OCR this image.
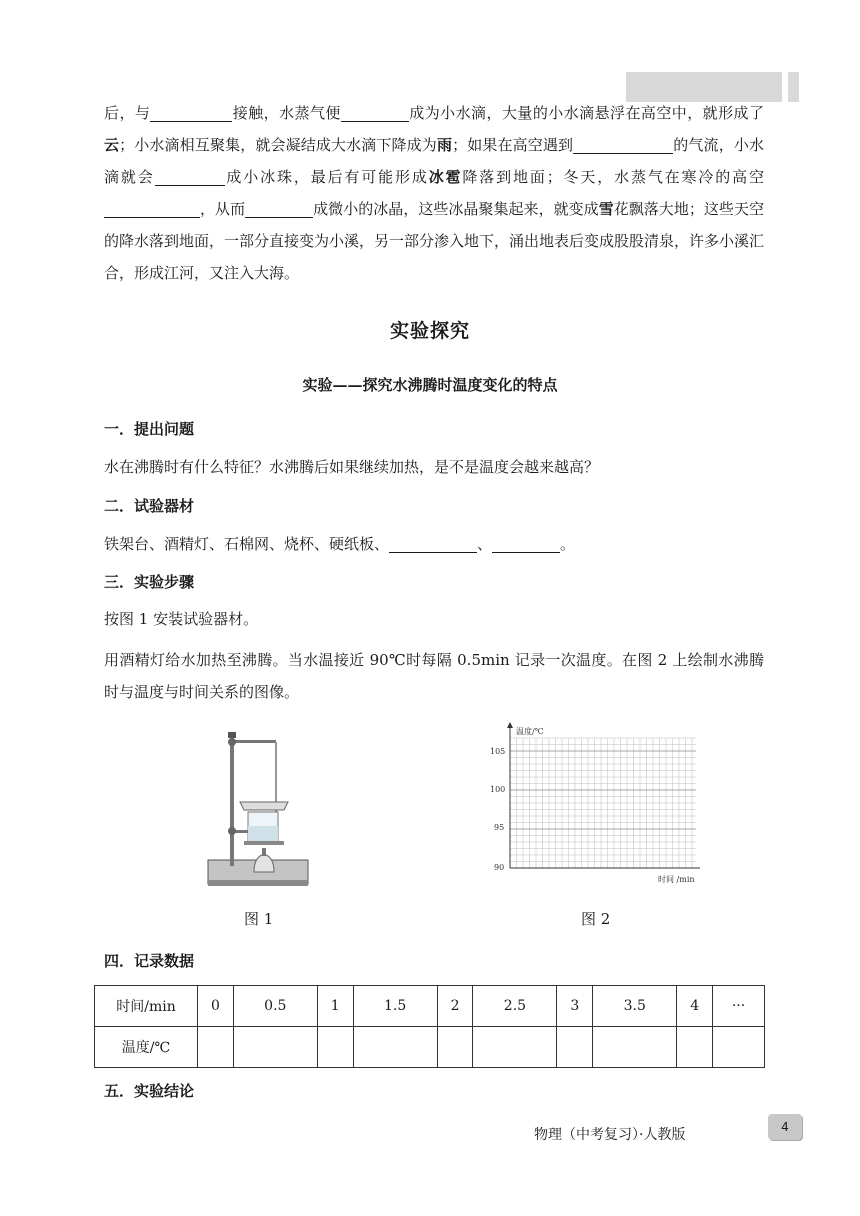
后，与	接触，水蒸气便	成为小水滴，大量的小水滴悬浮在高空中，就形成了云；小水滴相互聚集，就会凝结成大水滴下降成为雨；如果在高空遇到	的气流，小水滴就会	成小冰珠，最后有可能形成冰雹降落到地面；冬天，水蒸气在寒冷的高空，从而	成微小的冰晶，这些冰晶聚集起来，就变成雪花飘落大地；这些天空的降水落到地面，一部分直接变为小溪，另一部分渗入地下，涌出地表后变成股股清泉，许多小溪汇合，形成江河，又注入大海。
实验探究
实验——探究水沸腾时温度变化的特点
一．提出问题
水在沸腾时有什么特征？水沸腾后如果继续加热，是不是温度会越来越高？
二．试验器材
铁架台、酒精灯、石棉网、烧杯、硬纸板、	、	。
三．实验步骤
按图 1 安装试验器材。
用酒精灯给水加热至沸腾。当水温接近 90℃时每隔 0.5min 记录一次温度。在图 2 上绘制水沸腾时与温度与时间关系的图像。
图 1
温度/℃
时间 /min
105
100
95
90
图 2
四．记录数据
时间/min	0	0.5	1	1.5	2	2.5	3	3.5	4	···
温度/℃										
五．实验结论
物理（中考复习）·人教版	4
